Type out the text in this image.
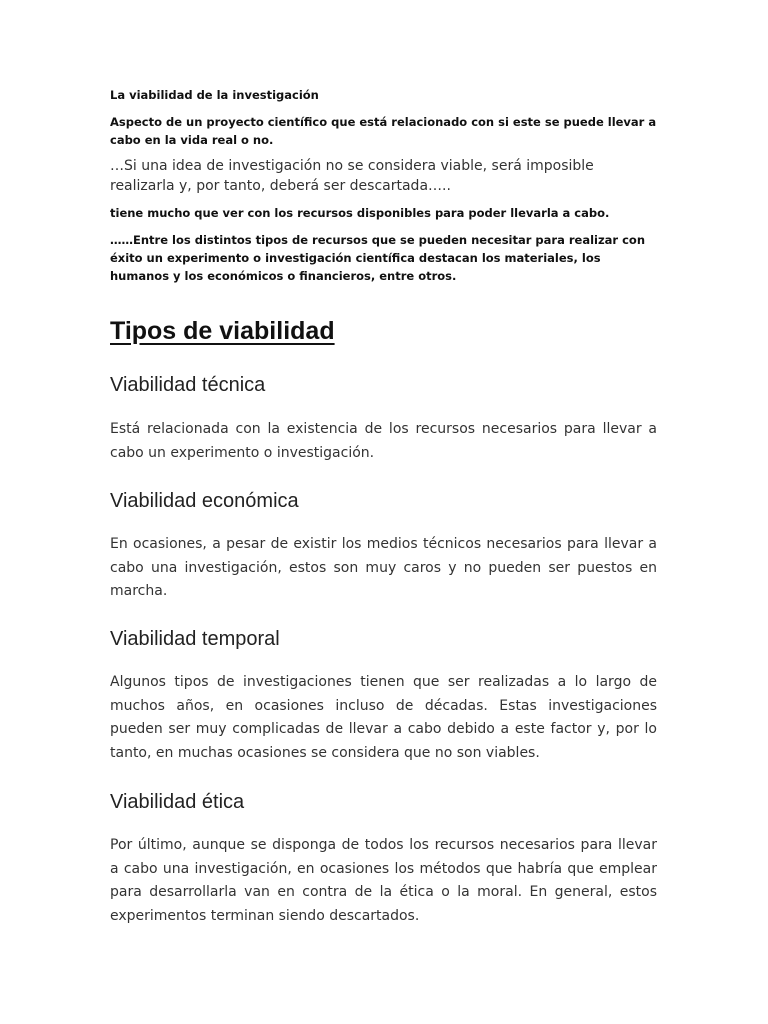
La viabilidad de la investigación

Aspecto de un proyecto científico que está relacionado con si este se puede llevar a cabo en la vida real o no.

…Si una idea de investigación no se considera viable, será imposible realizarla y, por tanto, deberá ser descartada…..

tiene mucho que ver con los recursos disponibles para poder llevarla a cabo.

……Entre los distintos tipos de recursos que se pueden necesitar para realizar con éxito un experimento o investigación científica destacan los materiales, los humanos y los económicos o financieros, entre otros.

Tipos de viabilidad
Viabilidad técnica

Está relacionada con la existencia de los recursos necesarios para llevar a cabo un experimento o investigación.

Viabilidad económica

En ocasiones, a pesar de existir los medios técnicos necesarios para llevar a cabo una investigación, estos son muy caros y no pueden ser puestos en marcha.

Viabilidad temporal

Algunos tipos de investigaciones tienen que ser realizadas a lo largo de muchos años, en ocasiones incluso de décadas. Estas investigaciones pueden ser muy complicadas de llevar a cabo debido a este factor y, por lo tanto, en muchas ocasiones se considera que no son viables.

Viabilidad ética

Por último, aunque se disponga de todos los recursos necesarios para llevar a cabo una investigación, en ocasiones los métodos que habría que emplear para desarrollarla van en contra de la ética o la moral. En general, estos experimentos terminan siendo descartados.
